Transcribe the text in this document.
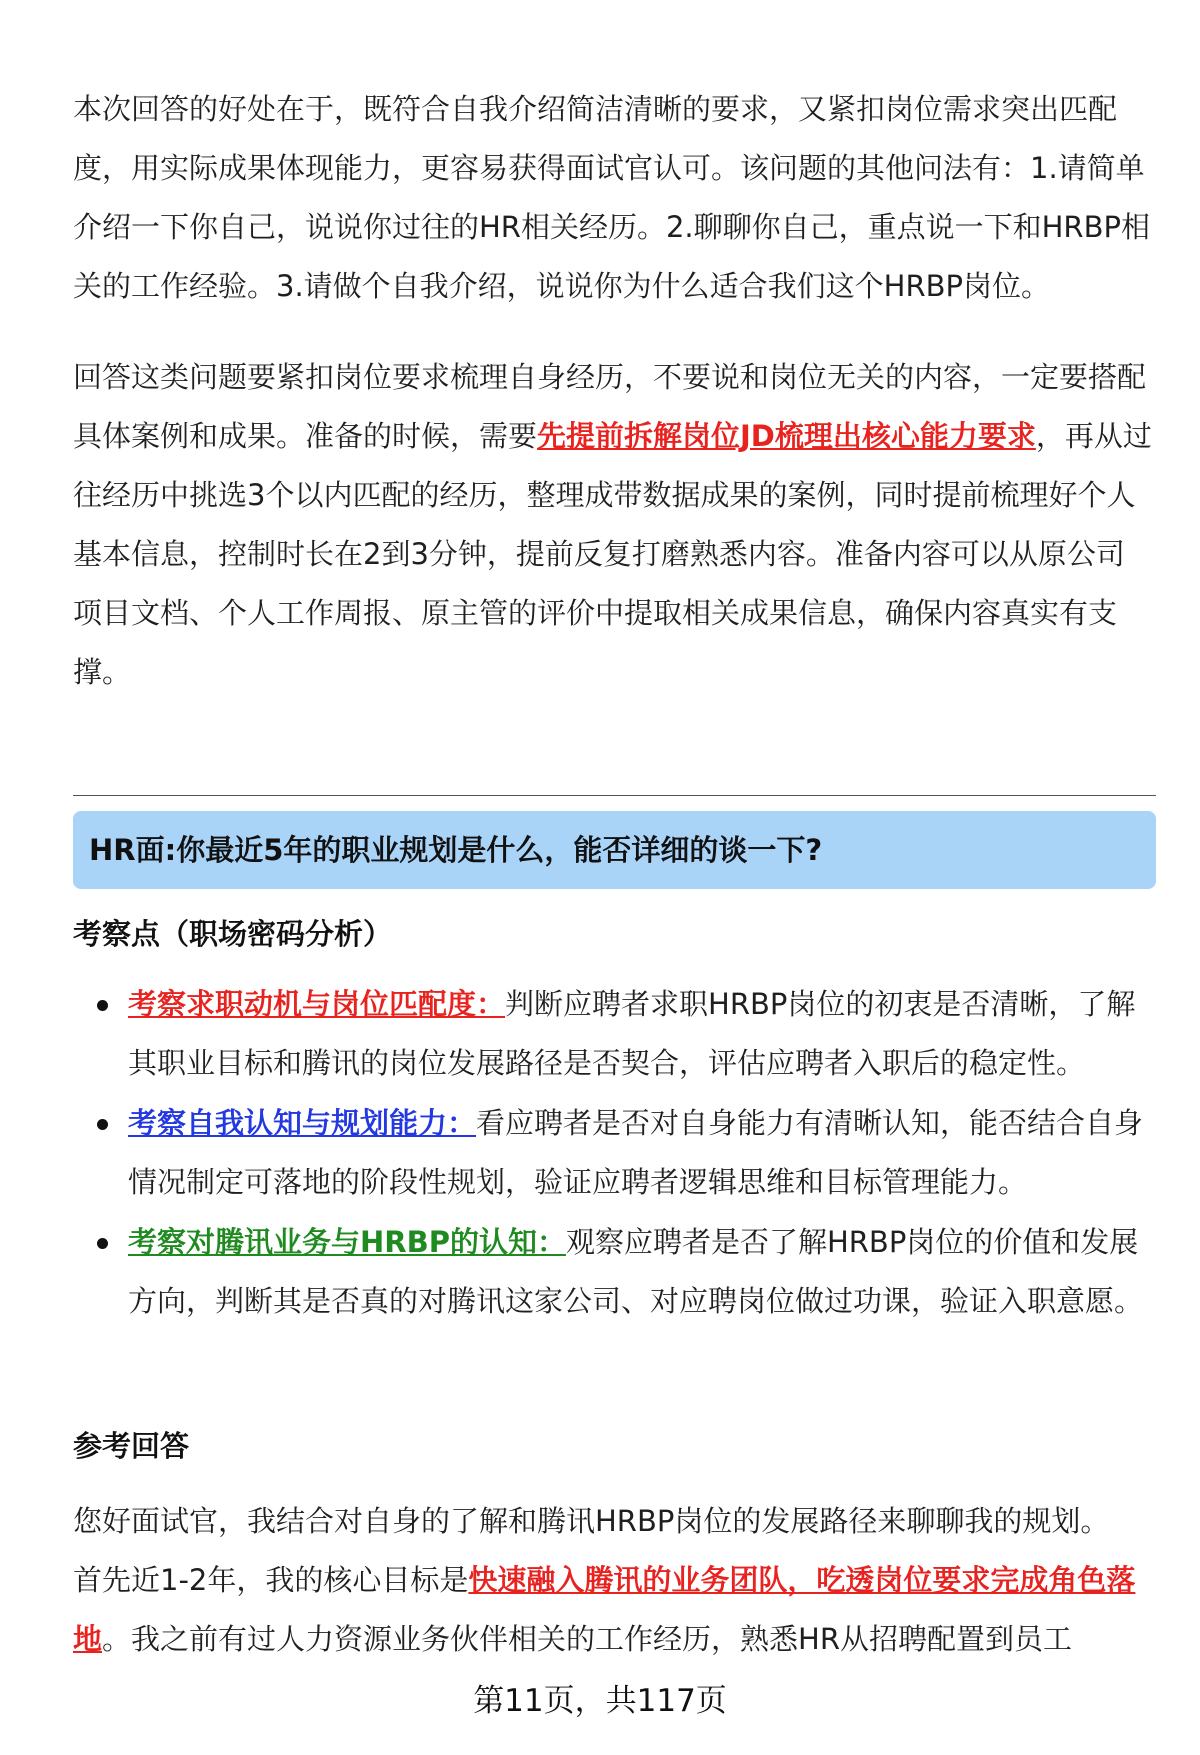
本次回答的好处在于，既符合自我介绍简洁清晰的要求，又紧扣岗位需求突出匹配度，用实际成果体现能力，更容易获得面试官认可。该问题的其他问法有：1.请简单介绍一下你自己，说说你过往的HR相关经历。2.聊聊你自己，重点说一下和HRBP相关的工作经验。3.请做个自我介绍，说说你为什么适合我们这个HRBP岗位。

回答这类问题要紧扣岗位要求梳理自身经历，不要说和岗位无关的内容，一定要搭配具体案例和成果。准备的时候，需要先提前拆解岗位JD梳理出核心能力要求，再从过往经历中挑选3个以内匹配的经历，整理成带数据成果的案例，同时提前梳理好个人基本信息，控制时长在2到3分钟，提前反复打磨熟悉内容。准备内容可以从原公司项目文档、个人工作周报、原主管的评价中提取相关成果信息，确保内容真实有支撑。

HR面:你最近5年的职业规划是什么，能否详细的谈一下?

考察点（职场密码分析）

考察求职动机与岗位匹配度：判断应聘者求职HRBP岗位的初衷是否清晰，了解其职业目标和腾讯的岗位发展路径是否契合，评估应聘者入职后的稳定性。
考察自我认知与规划能力：看应聘者是否对自身能力有清晰认知，能否结合自身情况制定可落地的阶段性规划，验证应聘者逻辑思维和目标管理能力。
考察对腾讯业务与HRBP的认知：观察应聘者是否了解HRBP岗位的价值和发展方向，判断其是否真的对腾讯这家公司、对应聘岗位做过功课，验证入职意愿。

参考回答

您好面试官，我结合对自身的了解和腾讯HRBP岗位的发展路径来聊聊我的规划。
首先近1-2年，我的核心目标是快速融入腾讯的业务团队，吃透岗位要求完成角色落地。我之前有过人力资源业务伙伴相关的工作经历，熟悉HR从招聘配置到员工

第11页，共117页
